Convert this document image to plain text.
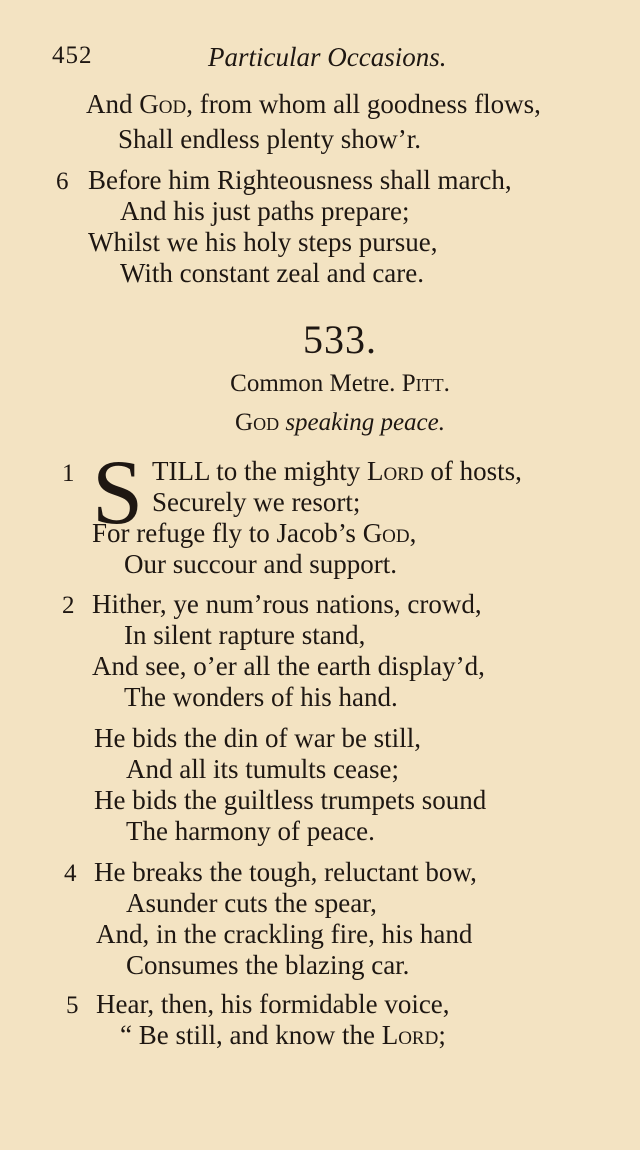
452	Particular Occasions.
And God, from whom all goodness flows,
Shall endless plenty show’r.
6 Before him Righteousness shall march,
And his just paths prepare;
Whilst we his holy steps pursue,
With constant zeal and care.
533.
Common Metre. Pitt.
God speaking peace.
1 S TILL to the mighty Lord of hosts,
Securely we resort;
For refuge fly to Jacob’s God,
Our succour and support.
2 Hither, ye num’rous nations, crowd,
In silent rapture stand,
And see, o’er all the earth display’d,
The wonders of his hand.
He bids the din of war be still,
And all its tumults cease;
He bids the guiltless trumpets sound
The harmony of peace.
4 He breaks the tough, reluctant bow,
Asunder cuts the spear,
And, in the crackling fire, his hand
Consumes the blazing car.
5 Hear, then, his formidable voice,
“ Be still, and know the Lord;
